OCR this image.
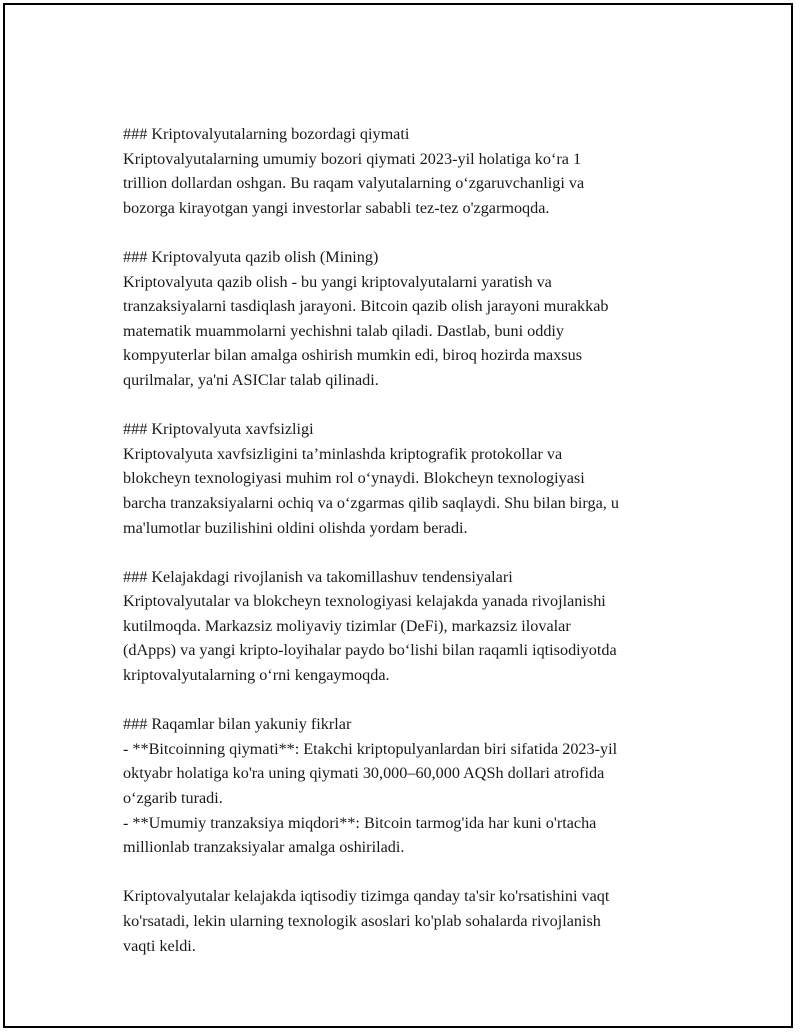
### Kriptovalyutalarning bozordagi qiymati
Kriptovalyutalarning umumiy bozori qiymati 2023-yil holatiga ko‘ra 1
trillion dollardan oshgan. Bu raqam valyutalarning o‘zgaruvchanligi va
bozorga kirayotgan yangi investorlar sababli tez-tez o'zgarmoqda.
### Kriptovalyuta qazib olish (Mining)
Kriptovalyuta qazib olish - bu yangi kriptovalyutalarni yaratish va
tranzaksiyalarni tasdiqlash jarayoni. Bitcoin qazib olish jarayoni murakkab
matematik muammolarni yechishni talab qiladi. Dastlab, buni oddiy
kompyuterlar bilan amalga oshirish mumkin edi, biroq hozirda maxsus
qurilmalar, ya'ni ASIClar talab qilinadi.
### Kriptovalyuta xavfsizligi
Kriptovalyuta xavfsizligini ta’minlashda kriptografik protokollar va
blokcheyn texnologiyasi muhim rol o‘ynaydi. Blokcheyn texnologiyasi
barcha tranzaksiyalarni ochiq va o‘zgarmas qilib saqlaydi. Shu bilan birga, u
ma'lumotlar buzilishini oldini olishda yordam beradi.
### Kelajakdagi rivojlanish va takomillashuv tendensiyalari
Kriptovalyutalar va blokcheyn texnologiyasi kelajakda yanada rivojlanishi
kutilmoqda. Markazsiz moliyaviy tizimlar (DeFi), markazsiz ilovalar
(dApps) va yangi kripto-loyihalar paydo bo‘lishi bilan raqamli iqtisodiyotda
kriptovalyutalarning o‘rni kengaymoqda.
### Raqamlar bilan yakuniy fikrlar
- **Bitcoinning qiymati**: Etakchi kriptopulyanlardan biri sifatida 2023-yil
oktyabr holatiga ko'ra uning qiymati 30,000–60,000 AQSh dollari atrofida
o‘zgarib turadi.
- **Umumiy tranzaksiya miqdori**: Bitcoin tarmog'ida har kuni o'rtacha
millionlab tranzaksiyalar amalga oshiriladi.
Kriptovalyutalar kelajakda iqtisodiy tizimga qanday ta'sir ko'rsatishini vaqt
ko'rsatadi, lekin ularning texnologik asoslari ko'plab sohalarda rivojlanish
vaqti keldi.
